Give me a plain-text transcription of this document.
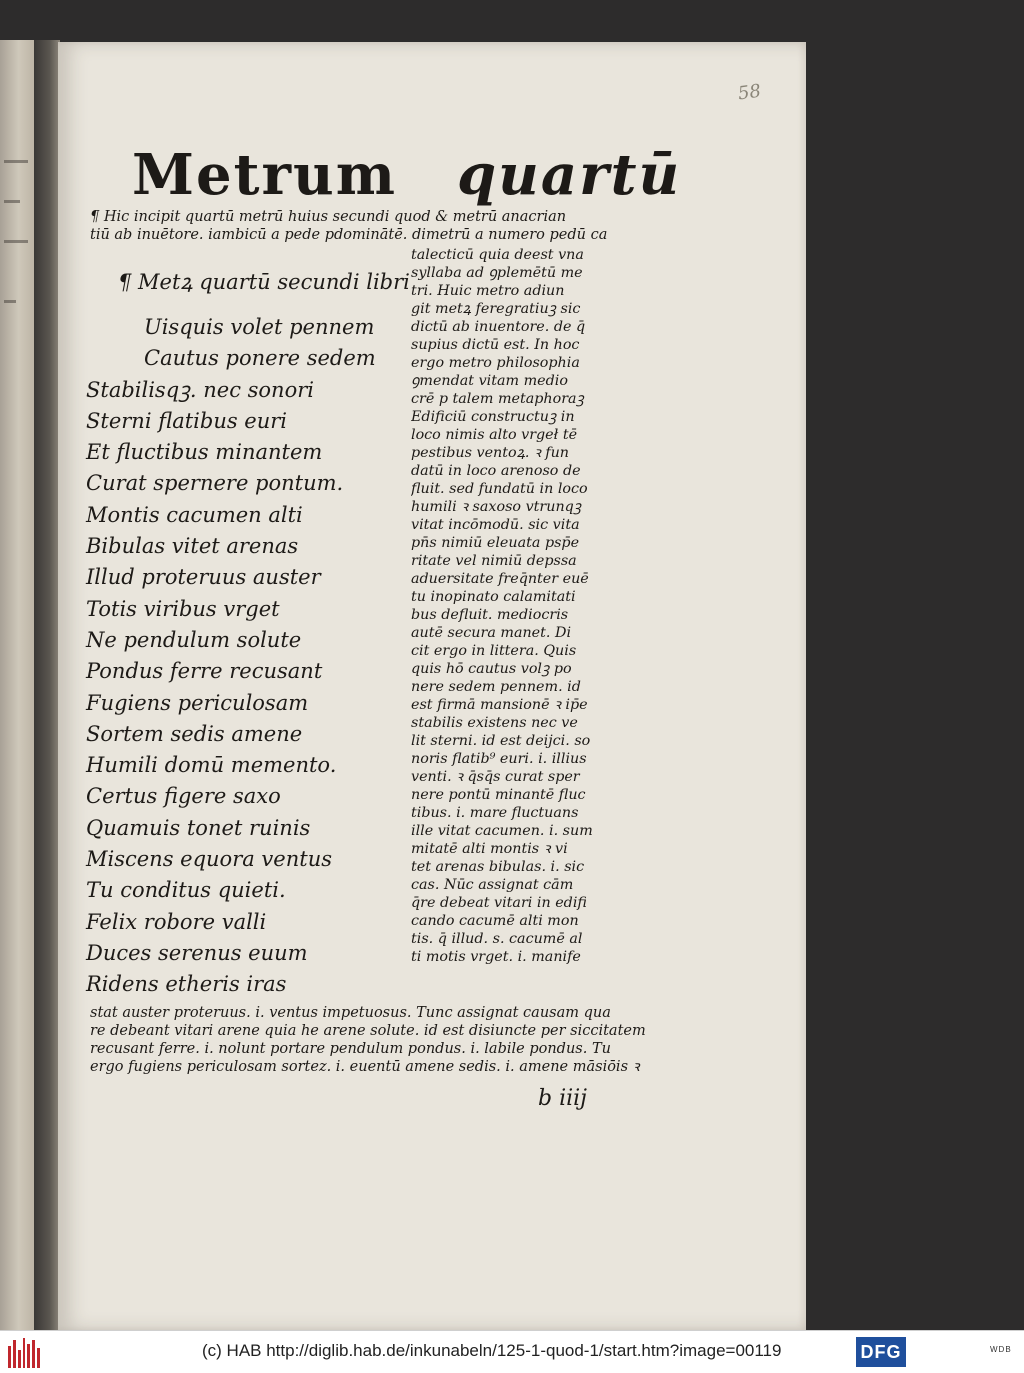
58
Metrum quartū
¶ Hic incipit quartū metrū huius secundi quod & metrū anacrian
tiū ab inuētore. iambicū a pede pdominātē. dimetrū a numero pedū ca
¶ Metꝝ quartū secundi libri
Uisquis volet pennem
Cautus ponere sedem
Stabilisqꝫ. nec sonori
Sterni flatibus euri
Et fluctibus minantem
Curat spernere pontum.
Montis cacumen alti
Bibulas vitet arenas
Illud proteruus auster
Totis viribus vrget
Ne pendulum solute
Pondus ferre recusant
Fugiens periculosam
Sortem sedis amene
Humili domū memento.
Certus figere saxo
Quamuis tonet ruinis
Miscens equora ventus
Tu conditus quieti.
Felix robore valli
Duces serenus euum
Ridens etheris iras
talecticū quia deest vna
syllaba ad ꝯplemētū me
tri. Huic metro adiun
git metꝝ feregratiuꝫ sic
dictū ab inuentore. de q̄
supius dictū est. In hoc
ergo metro philosophia
ꝯmendat vitam medio
crē p talem metaphoraꝫ
Edificiū constructuꝫ in
loco nimis alto vrgeł tē
pestibus ventoꝝ. ꝛ fun
datū in loco arenoso de
fluit. sed fundatū in loco
humili ꝛ saxoso vtrunqꝫ
vitat incōmodū. sic vita
pn̄s nimiū eleuata psp̄e
ritate vel nimiū depssa
aduersitate freq̄nter euē
tu inopinato calamitati
bus defluit. mediocris
autē secura manet. Di
cit ergo in littera. Quis
quis hō cautus volꝫ po
nere sedem pennem. id
est firmā mansionē ꝛ ip̄e
stabilis existens nec ve
lit sterni. id est deijci. so
noris flatib⁹ euri. i. illius
venti. ꝛ q̄sq̄s curat sper
nere pontū minantē fluc
tibus. i. mare fluctuans
ille vitat cacumen. i. sum
mitatē alti montis ꝛ vi
tet arenas bibulas. i. sic
cas. Nūc assignat cām
q̄re debeat vitari in edifi
cando cacumē alti mon
tis. q̄ illud. s. cacumē al
ti motis vrget. i. manife
stat auster proteruus. i. ventus impetuosus. Tunc assignat causam qua
re debeant vitari arene quia he arene solute. id est disiuncte per siccitatem
recusant ferre. i. nolunt portare pendulum pondus. i. labile pondus. Tu
ergo fugiens periculosam sortez. i. euentū amene sedis. i. amene māsiōis ꝛ
b iiij
(c) HAB http://diglib.hab.de/inkunabeln/125-1-quod-1/start.htm?image=00119	DFG	WDB
